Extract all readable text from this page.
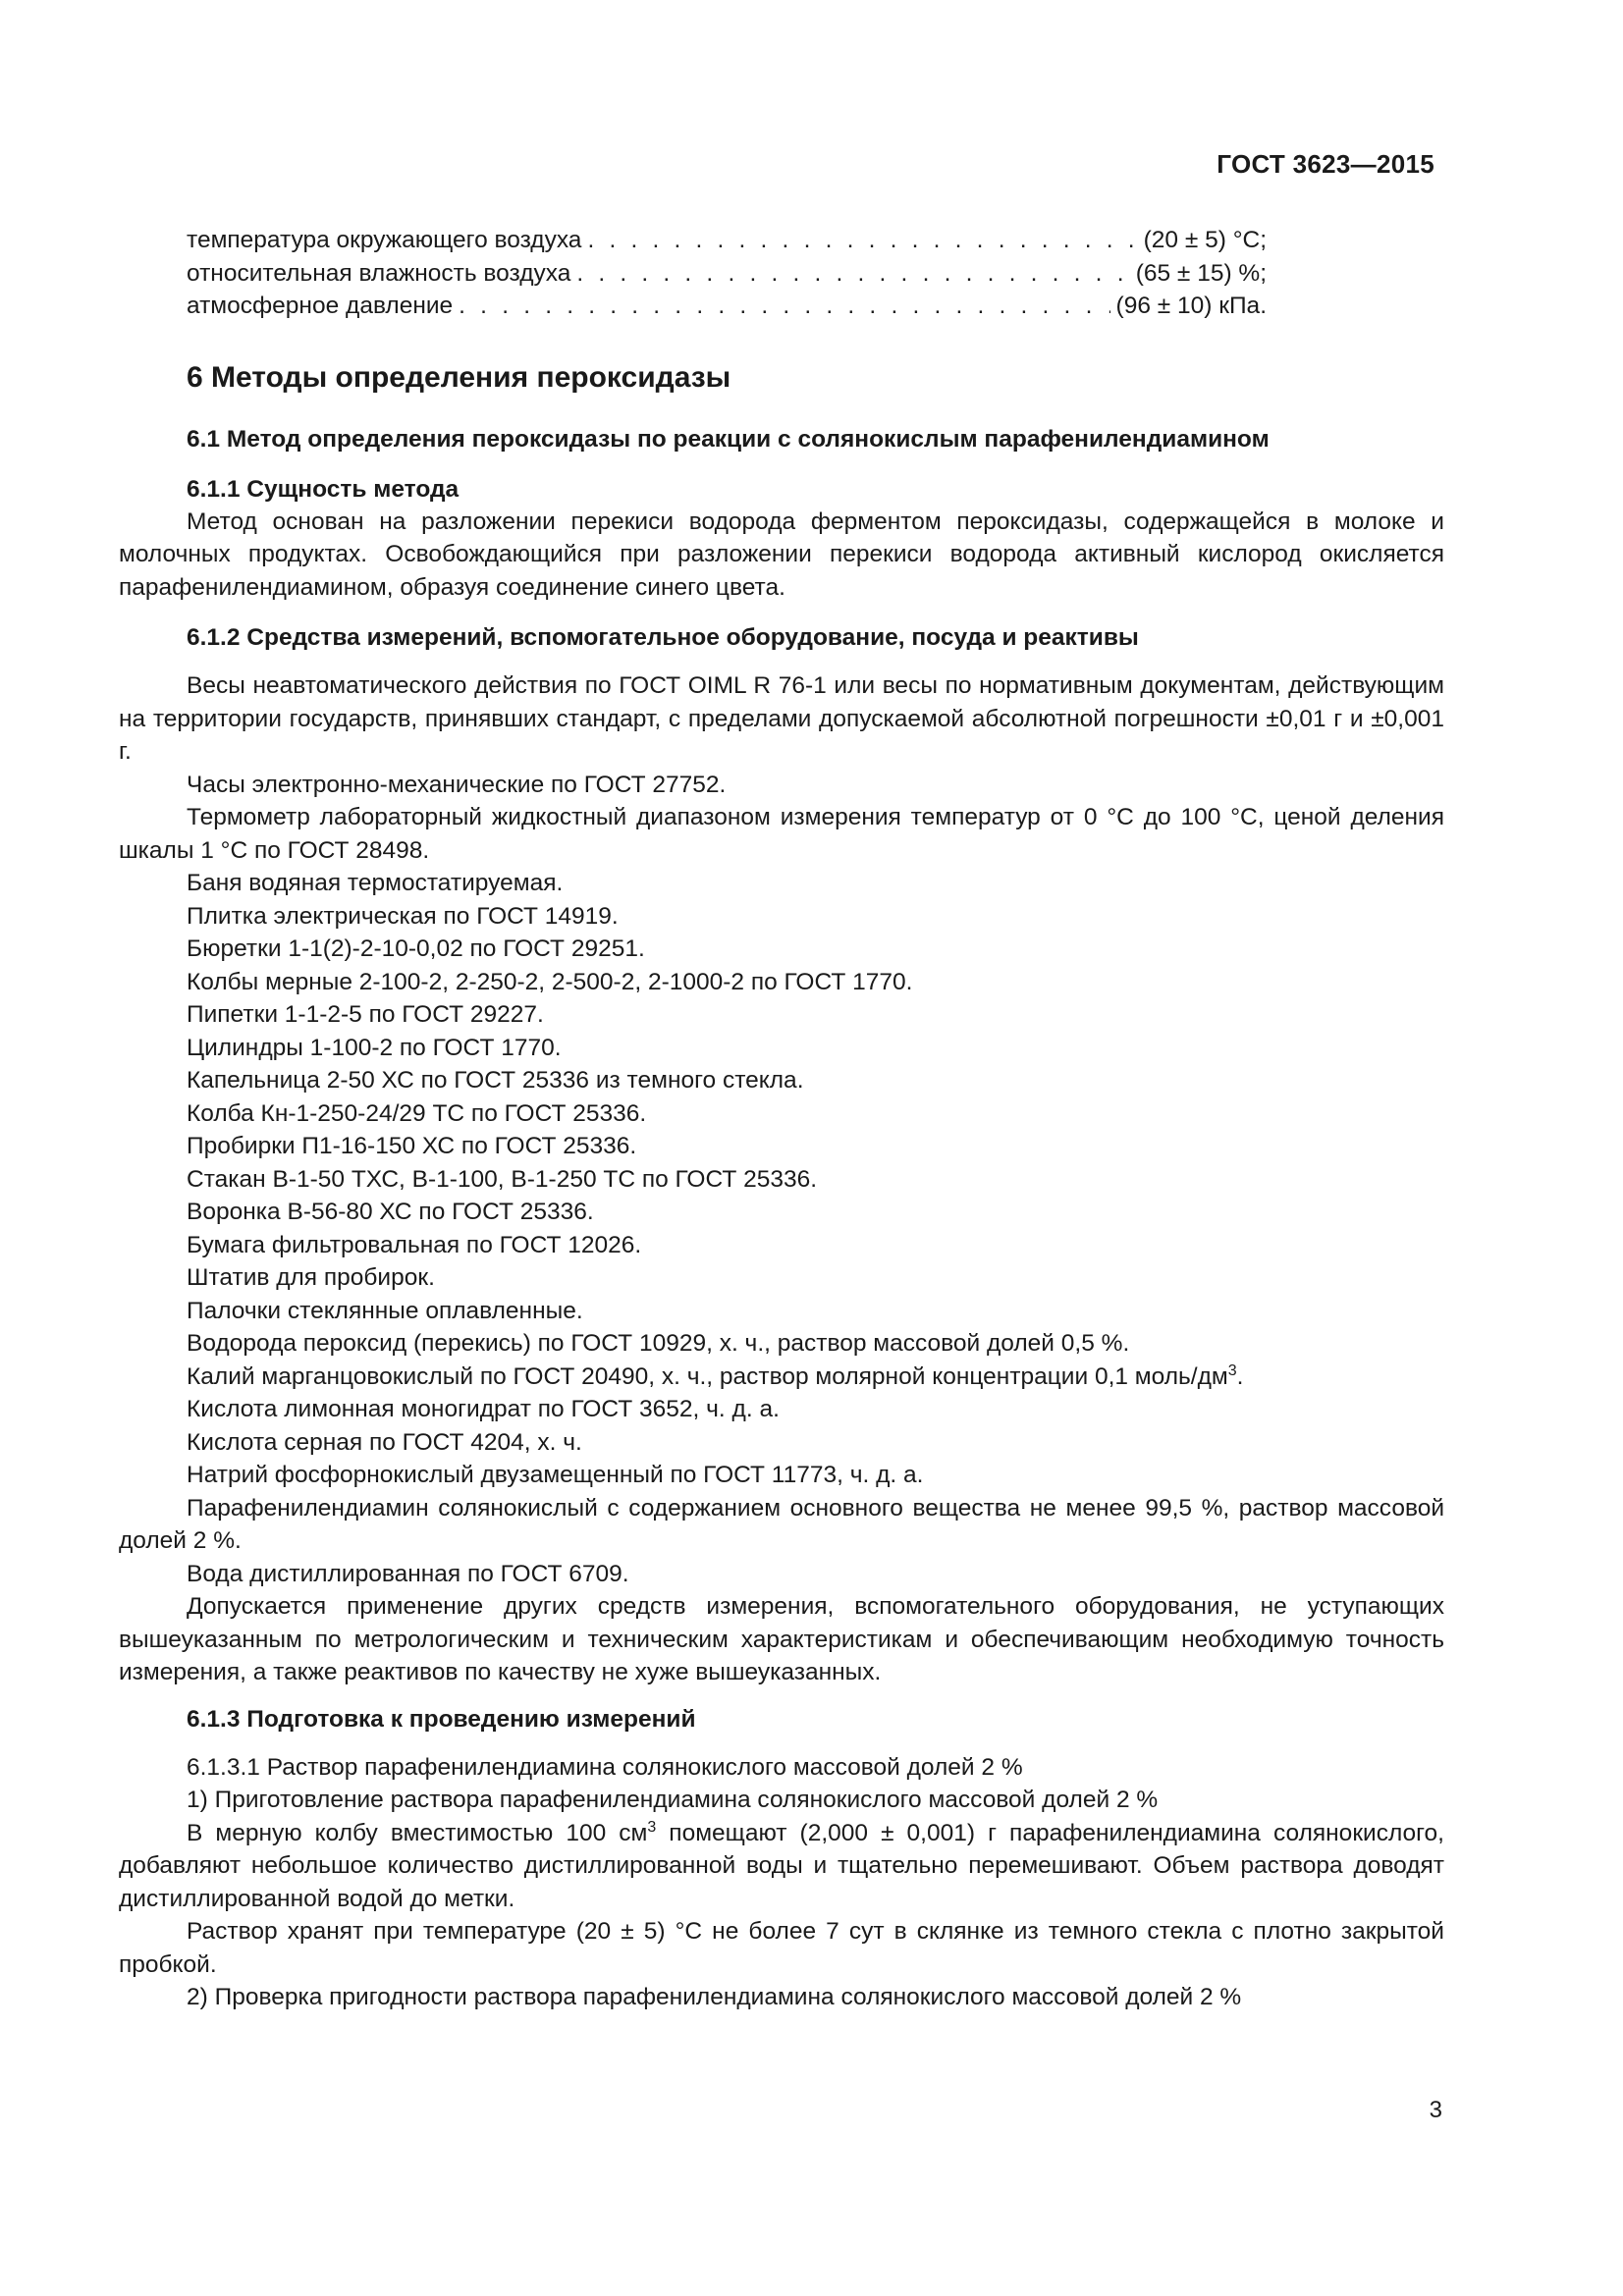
ГОСТ 3623—2015
температура окружающего воздуха . . .	(20 ± 5) °С;
относительная влажность воздуха . . .	(65 ± 15) %;
атмосферное давление . . .	(96 ± 10) кПа.
6 Методы определения пероксидазы
6.1 Метод определения пероксидазы по реакции с солянокислым парафенилендиамином
6.1.1 Сущность метода

Метод основан на разложении перекиси водорода ферментом пероксидазы, содержащейся в молоке и молочных продуктах. Освобождающийся при разложении перекиси водорода активный кислород окисляется парафенилендиамином, образуя соединение синего цвета.

6.1.2 Средства измерений, вспомогательное оборудование, посуда и реактивы

Весы неавтоматического действия по ГОСТ OIML R 76-1 или весы по нормативным документам, действующим на территории государств, принявших стандарт, с пределами допускаемой абсолютной погрешности ±0,01 г и ±0,001 г.

Часы электронно-механические по ГОСТ 27752.

Термометр лабораторный жидкостный диапазоном измерения температур от 0 °С до 100 °С, ценой деления шкалы 1 °С по ГОСТ 28498.

Баня водяная термостатируемая.

Плитка электрическая по ГОСТ 14919.

Бюретки 1-1(2)-2-10-0,02 по ГОСТ 29251.

Колбы мерные 2-100-2, 2-250-2, 2-500-2, 2-1000-2 по ГОСТ 1770.

Пипетки 1-1-2-5 по ГОСТ 29227.

Цилиндры 1-100-2 по ГОСТ 1770.

Капельница 2-50 ХС по ГОСТ 25336 из темного стекла.

Колба Кн-1-250-24/29 ТС по ГОСТ 25336.

Пробирки П1-16-150 ХС по ГОСТ 25336.

Стакан В-1-50 ТХС, В-1-100, В-1-250 ТС по ГОСТ 25336.

Воронка В-56-80 ХС по ГОСТ 25336.

Бумага фильтровальная по ГОСТ 12026.

Штатив для пробирок.

Палочки стеклянные оплавленные.

Водорода пероксид (перекись) по ГОСТ 10929, х. ч., раствор массовой долей 0,5 %.

Калий марганцовокислый по ГОСТ 20490, х. ч., раствор молярной концентрации 0,1 моль/$дм^3$.

Кислота лимонная моногидрат по ГОСТ 3652, ч. д. а.

Кислота серная по ГОСТ 4204, х. ч.

Натрий фосфорнокислый двузамещенный по ГОСТ 11773, ч. д. а.

Парафенилендиамин солянокислый с содержанием основного вещества не менее 99,5 %, раствор массовой долей 2 %.

Вода дистиллированная по ГОСТ 6709.

Допускается применение других средств измерения, вспомогательного оборудования, не уступающих вышеуказанным по метрологическим и техническим характеристикам и обеспечивающим необходимую точность измерения, а также реактивов по качеству не хуже вышеуказанных.

6.1.3 Подготовка к проведению измерений

6.1.3.1 Раствор парафенилендиамина солянокислого массовой долей 2 %

1) Приготовление раствора парафенилендиамина солянокислого массовой долей 2 %

В мерную колбу вместимостью 100 $см^3$ помещают (2,000 ± 0,001) г парафенилендиамина солянокислого, добавляют небольшое количество дистиллированной воды и тщательно перемешивают. Объем раствора доводят дистиллированной водой до метки.

Раствор хранят при температуре (20 ± 5) °С не более 7 сут в склянке из темного стекла с плотно закрытой пробкой.

2) Проверка пригодности раствора парафенилендиамина солянокислого массовой долей 2 %

3
